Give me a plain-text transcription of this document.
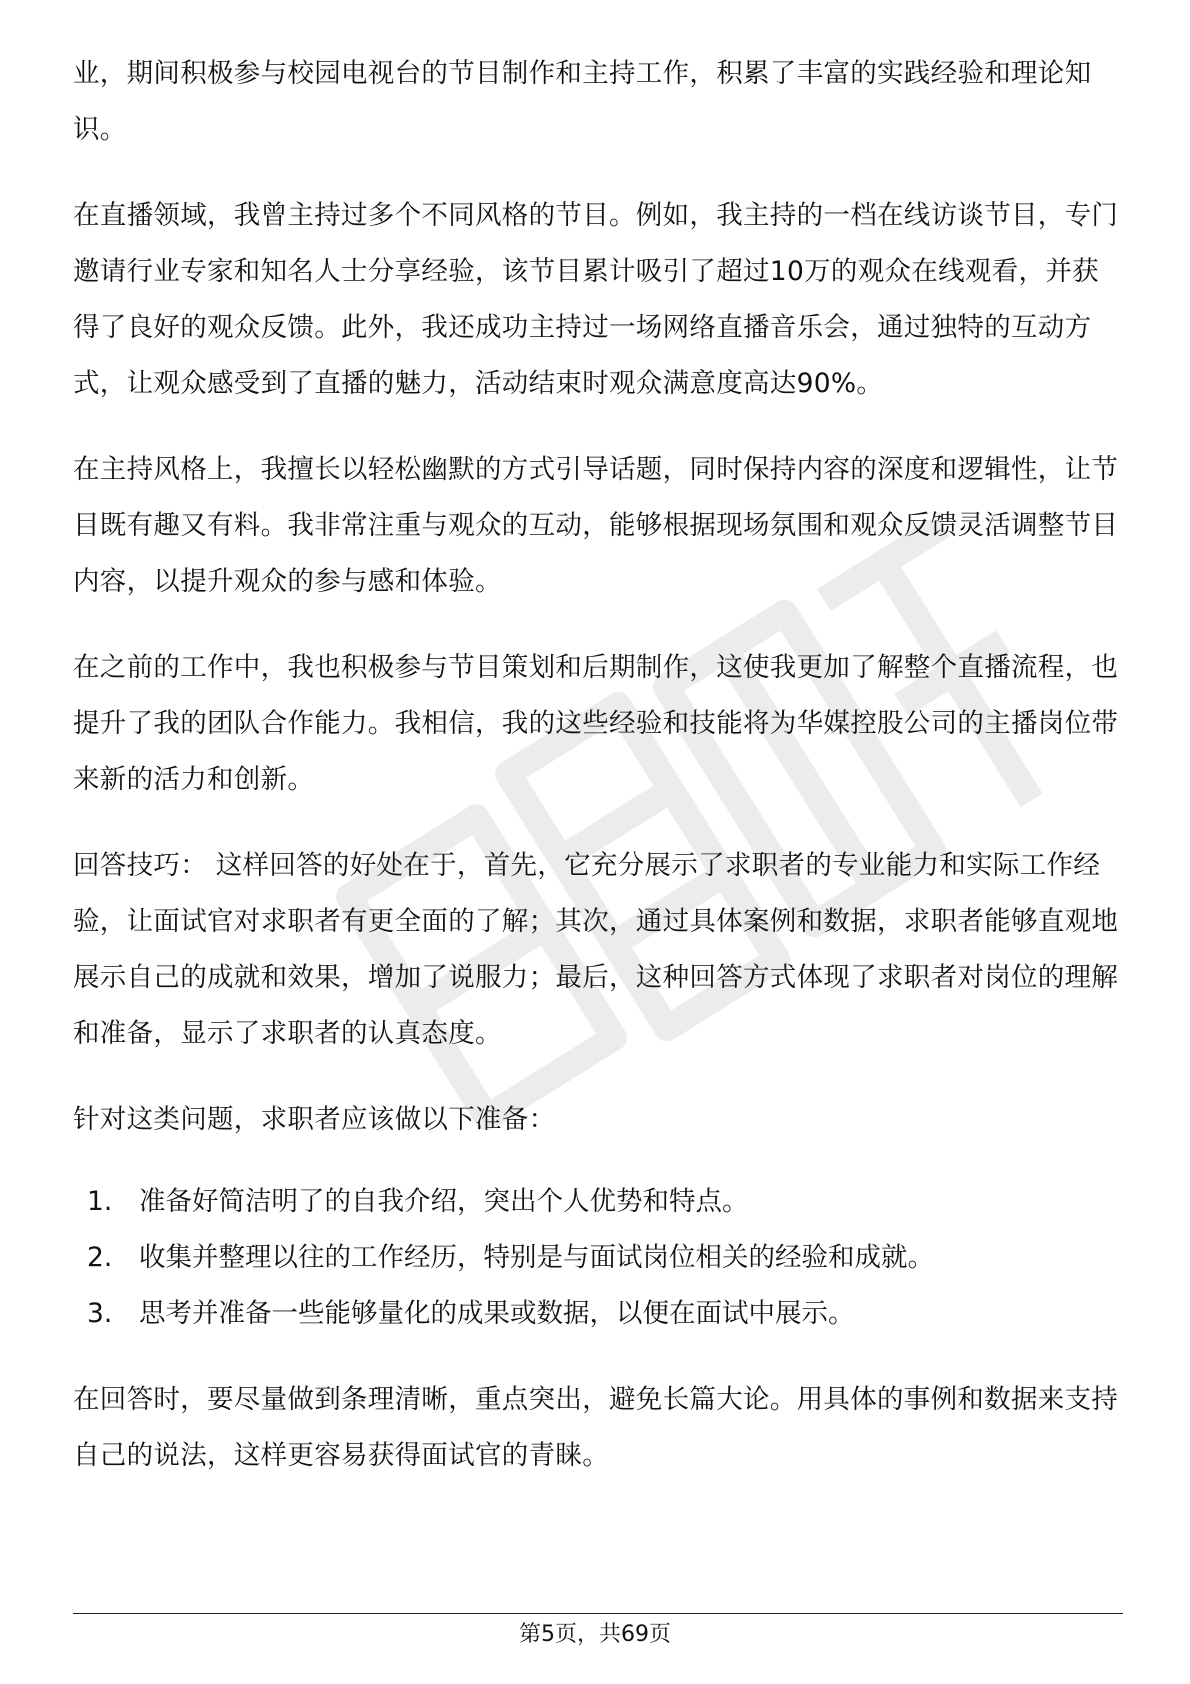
业，期间积极参与校园电视台的节目制作和主持工作，积累了丰富的实践经验和理论知识。

在直播领域，我曾主持过多个不同风格的节目。例如，我主持的一档在线访谈节目，专门邀请行业专家和知名人士分享经验，该节目累计吸引了超过10万的观众在线观看，并获得了良好的观众反馈。此外，我还成功主持过一场网络直播音乐会，通过独特的互动方式，让观众感受到了直播的魅力，活动结束时观众满意度高达90%。

在主持风格上，我擅长以轻松幽默的方式引导话题，同时保持内容的深度和逻辑性，让节目既有趣又有料。我非常注重与观众的互动，能够根据现场氛围和观众反馈灵活调整节目内容，以提升观众的参与感和体验。

在之前的工作中，我也积极参与节目策划和后期制作，这使我更加了解整个直播流程，也提升了我的团队合作能力。我相信，我的这些经验和技能将为华媒控股公司的主播岗位带来新的活力和创新。

回答技巧： 这样回答的好处在于，首先，它充分展示了求职者的专业能力和实际工作经验，让面试官对求职者有更全面的了解；其次，通过具体案例和数据，求职者能够直观地展示自己的成就和效果，增加了说服力；最后，这种回答方式体现了求职者对岗位的理解和准备，显示了求职者的认真态度。

针对这类问题，求职者应该做以下准备：

1.	准备好简洁明了的自我介绍，突出个人优势和特点。
2.	收集并整理以往的工作经历，特别是与面试岗位相关的经验和成就。
3.	思考并准备一些能够量化的成果或数据，以便在面试中展示。

在回答时，要尽量做到条理清晰，重点突出，避免长篇大论。用具体的事例和数据来支持自己的说法，这样更容易获得面试官的青睐。

第5页，共69页
